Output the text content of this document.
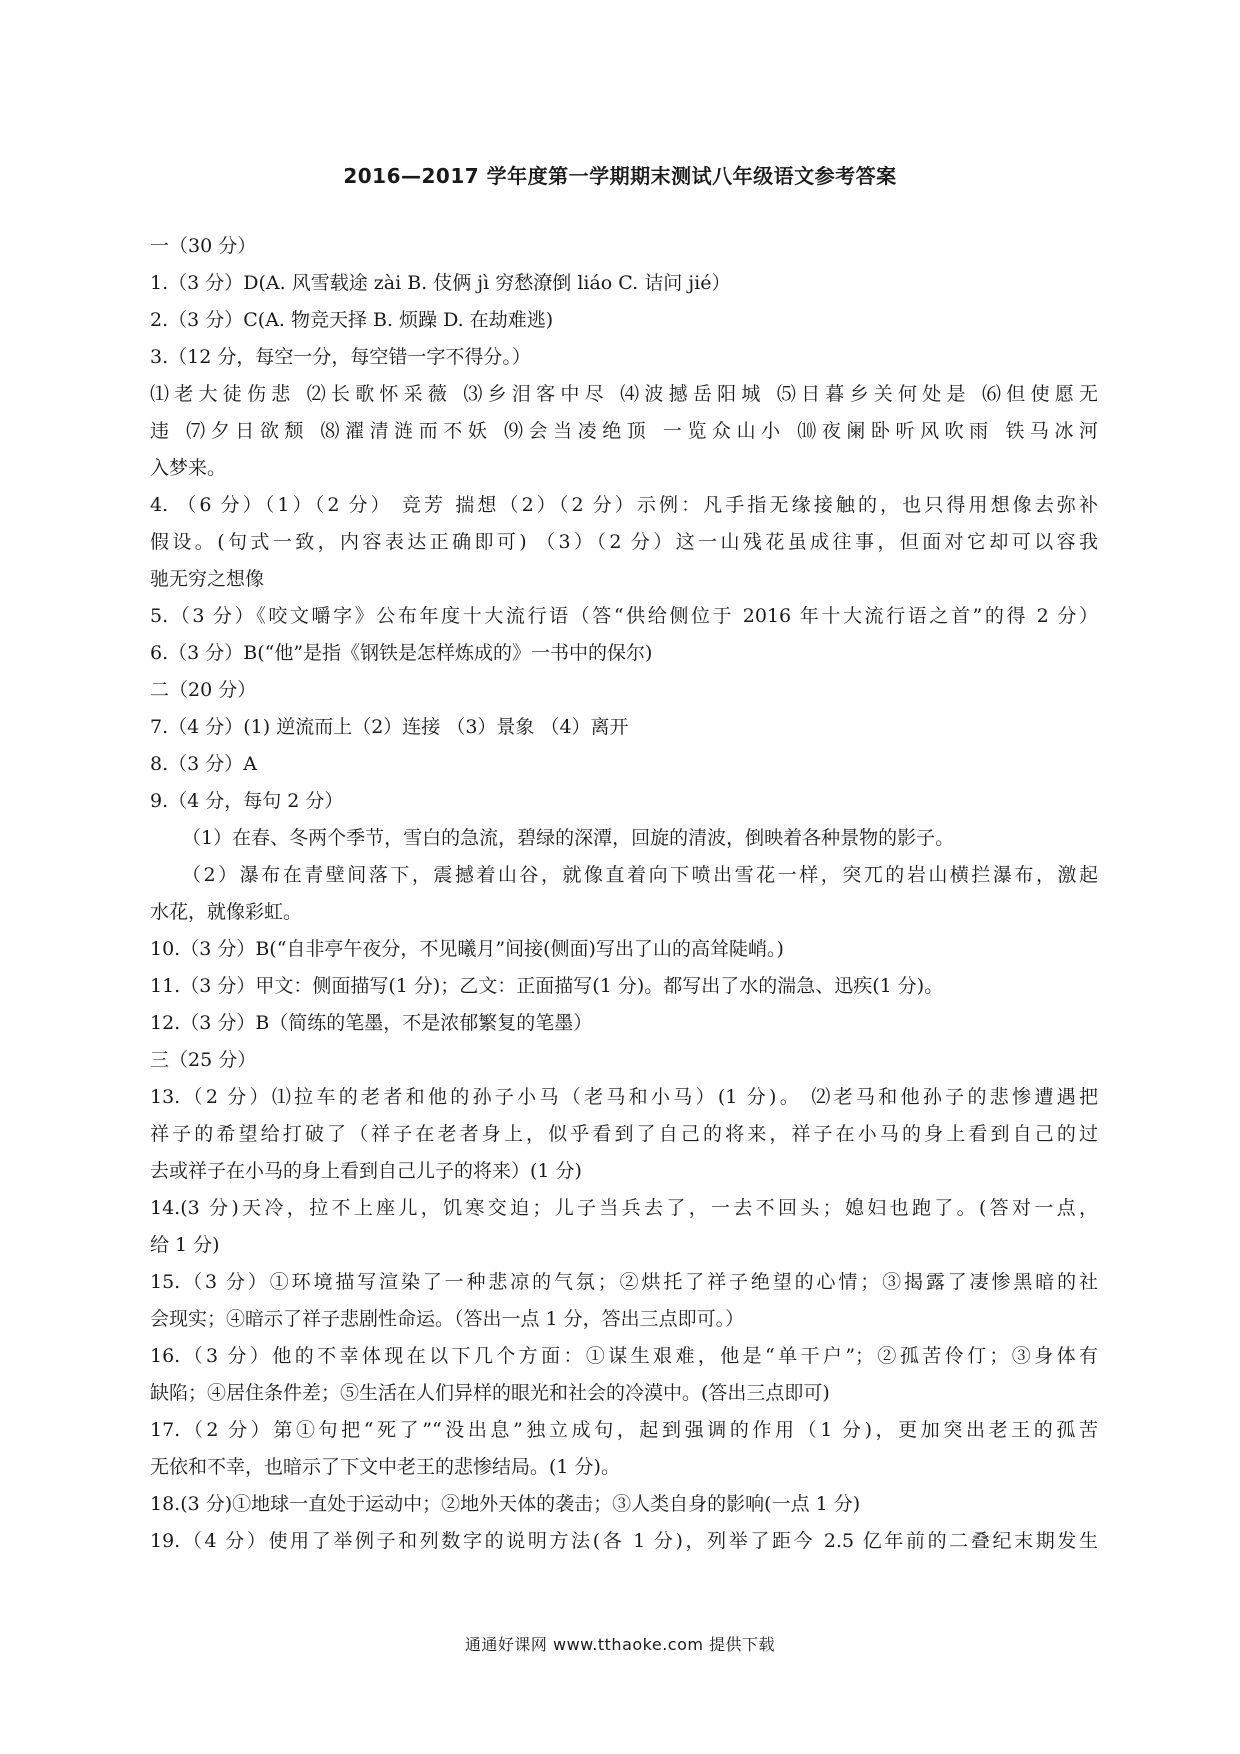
2016—2017 学年度第一学期期末测试八年级语文参考答案
一（30 分）
1.（3 分）D(A. 风雪载途 zài B. 伎俩 jì 穷愁潦倒 liáo C. 诘问 jié）
2.（3 分）C(A. 物竞天择 B. 烦躁 D. 在劫难逃)
3.（12 分，每空一分，每空错一字不得分。）
⑴老大徒伤悲 ⑵长歌怀采薇 ⑶乡泪客中尽 ⑷波撼岳阳城 ⑸日暮乡关何处是 ⑹但使愿无
违 ⑺夕日欲颓 ⑻濯清涟而不妖 ⑼会当凌绝顶 一览众山小 ⑽夜阑卧听风吹雨 铁马冰河
入梦来。
4. （6 分）（1）（2 分） 竞芳 揣想（2）（2 分）示例：凡手指无缘接触的，也只得用想像去弥补
假设。(句式一致，内容表达正确即可) （3）（2 分）这一山残花虽成往事，但面对它却可以容我
驰无穷之想像
5.（3 分）《咬文嚼字》公布年度十大流行语（答“供给侧位于 2016 年十大流行语之首”的得 2 分）
6.（3 分）B(“他”是指《钢铁是怎样炼成的》一书中的保尔)
二（20 分）
7.（4 分）(1) 逆流而上（2）连接 （3）景象 （4）离开
8.（3 分）A
9.（4 分，每句 2 分）
（1）在春、冬两个季节，雪白的急流，碧绿的深潭，回旋的清波，倒映着各种景物的影子。
（2）瀑布在青壁间落下，震撼着山谷，就像直着向下喷出雪花一样，突兀的岩山横拦瀑布，激起
水花，就像彩虹。
10.（3 分）B(“自非亭午夜分，不见曦月”间接(侧面)写出了山的高耸陡峭。)
11.（3 分）甲文：侧面描写(1 分)；乙文：正面描写(1 分)。都写出了水的湍急、迅疾(1 分)。
12.（3 分）B（简练的笔墨，不是浓郁繁复的笔墨）
三（25 分）
13.（2 分）⑴拉车的老者和他的孙子小马（老马和小马）(1 分)。 ⑵老马和他孙子的悲惨遭遇把
祥子的希望给打破了（祥子在老者身上，似乎看到了自己的将来，祥子在小马的身上看到自己的过
去或祥子在小马的身上看到自己儿子的将来）(1 分)
14.(3 分)天冷，拉不上座儿，饥寒交迫；儿子当兵去了，一去不回头；媳妇也跑了。(答对一点，
给 1 分)
15.（3 分）①环境描写渲染了一种悲凉的气氛；②烘托了祥子绝望的心情；③揭露了凄惨黑暗的社
会现实；④暗示了祥子悲剧性命运。（答出一点 1 分，答出三点即可。）
16.（3 分）他的不幸体现在以下几个方面：①谋生艰难，他是“单干户”；②孤苦伶仃；③身体有
缺陷；④居住条件差；⑤生活在人们异样的眼光和社会的冷漠中。(答出三点即可)
17.（2 分）第①句把“死了”“没出息”独立成句，起到强调的作用（1 分)，更加突出老王的孤苦
无依和不幸，也暗示了下文中老王的悲惨结局。(1 分)。
18.(3 分)①地球一直处于运动中；②地外天体的袭击；③人类自身的影响(一点 1 分)
19.（4 分）使用了举例子和列数字的说明方法(各 1 分)，列举了距今 2.5 亿年前的二叠纪末期发生
通通好课网 www.tthaoke.com 提供下载
